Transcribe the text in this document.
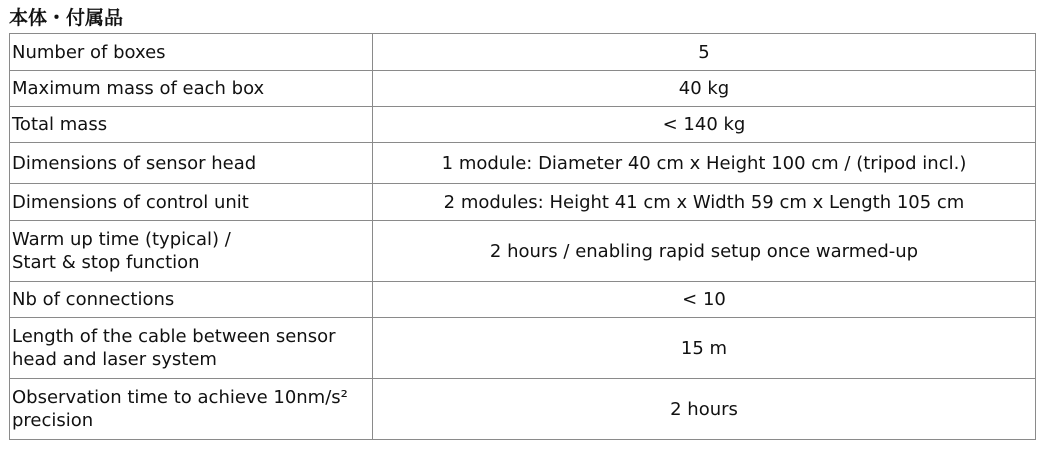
本体・付属品
Number of boxes	5
Maximum mass of each box	40 kg
Total mass	< 140 kg
Dimensions of sensor head	1 module: Diameter 40 cm x Height 100 cm / (tripod incl.)
Dimensions of control unit	2 modules: Height 41 cm x Width 59 cm x Length 105 cm
Warm up time (typical) /
Start & stop function	2 hours / enabling rapid setup once warmed-up
Nb of connections	< 10
Length of the cable between sensor
head and laser system	15 m
Observation time to achieve 10nm/s²
precision	2 hours
